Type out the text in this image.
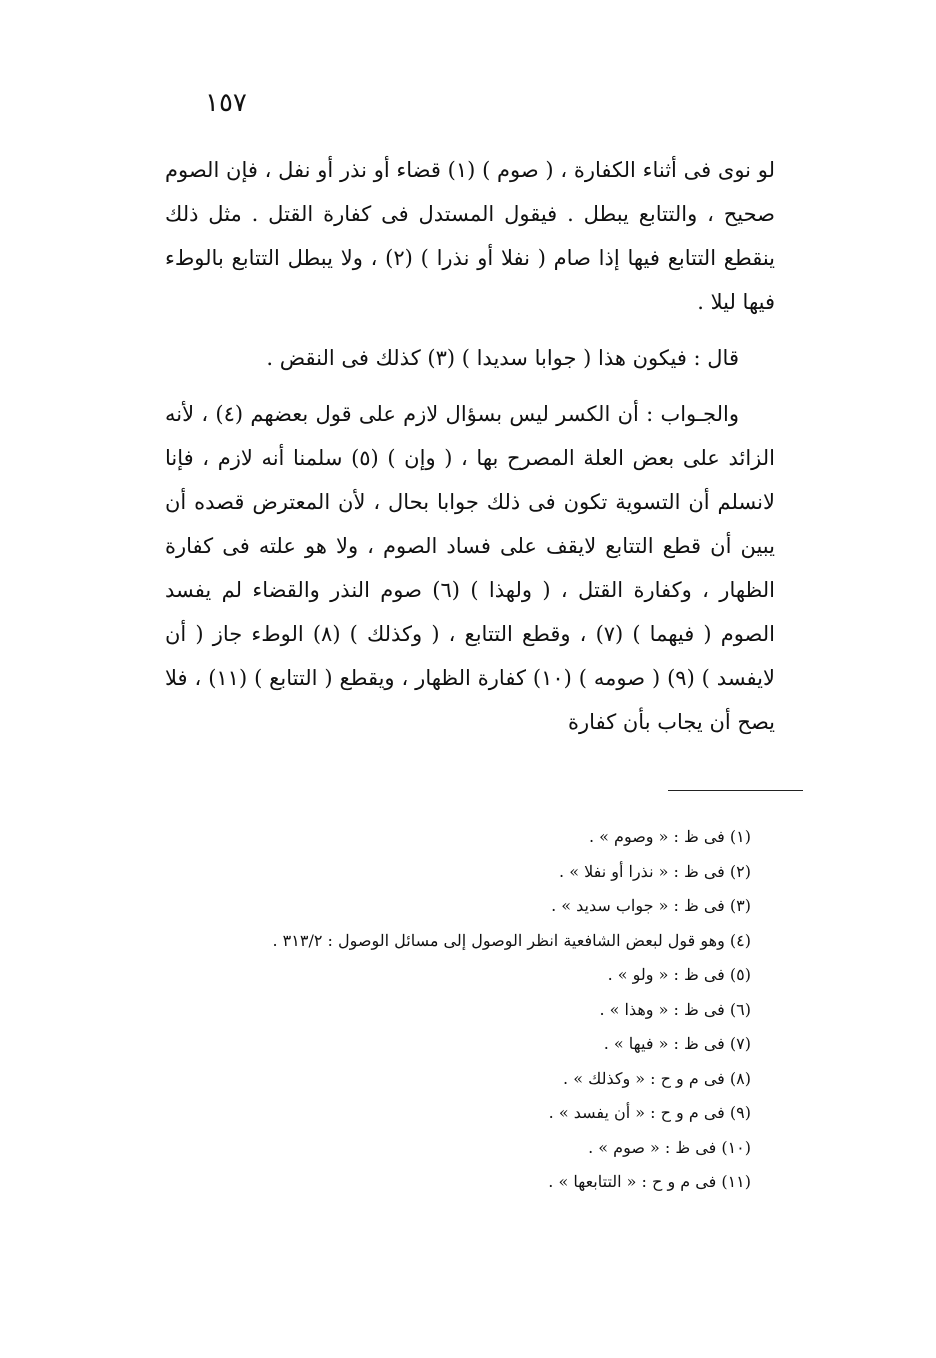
١٥٧

لو نوى فى أثناء الكفارة ، ( صوم ) (١) قضاء أو نذر أو نفل ، فإن الصوم صحيح ، والتتابع يبطل . فيقول المستدل فى كفارة القتل . مثل ذلك ينقطع التتابع فيها إذا صام ( نفلا أو نذرا ) (٢) ، ولا يبطل التتابع بالوطء فيها ليلا .

قال : فيكون هذا ( جوابا سديدا ) (٣) كذلك فى النقض .

والجـواب : أن الكسر ليس بسؤال لازم على قول بعضهم (٤) ، لأنه الزائد على بعض العلة المصرح بها ، ( وإن ) (٥) سلمنا أنه لازم ، فإنا لانسلم أن التسوية تكون فى ذلك جوابا بحال ، لأن المعترض قصده أن يبين أن قطع التتابع لايقف على فساد الصوم ، ولا هو علته فى كفارة الظهار ، وكفارة القتل ، ( ولهذا ) (٦) صوم النذر والقضاء لم يفسد الصوم ( فيهما ) (٧) ، وقطع التتابع ، ( وكذلك ) (٨) الوطء جاز ( أن لايفسد ) (٩) ( صومه ) (١٠) كفارة الظهار ، ويقطع ( التتابع ) (١١) ، فلا يصح أن يجاب بأن كفارة

(١) فى ظ : « وصوم » .
(٢) فى ظ : « نذرا أو نفلا » .
(٣) فى ظ : « جواب سديد » .
(٤) وهو قول لبعض الشافعية انظر الوصول إلى مسائل الوصول : ٣١٣/٢ .
(٥) فى ظ : « ولو » .
(٦) فى ظ : « وهذا » .
(٧) فى ظ : « فيها » .
(٨) فى م و ح : « وكذلك » .
(٩) فى م و ح : « أن يفسد » .
(١٠) فى ظ : « صوم » .
(١١) فى م و ح : « التتابعها » .
